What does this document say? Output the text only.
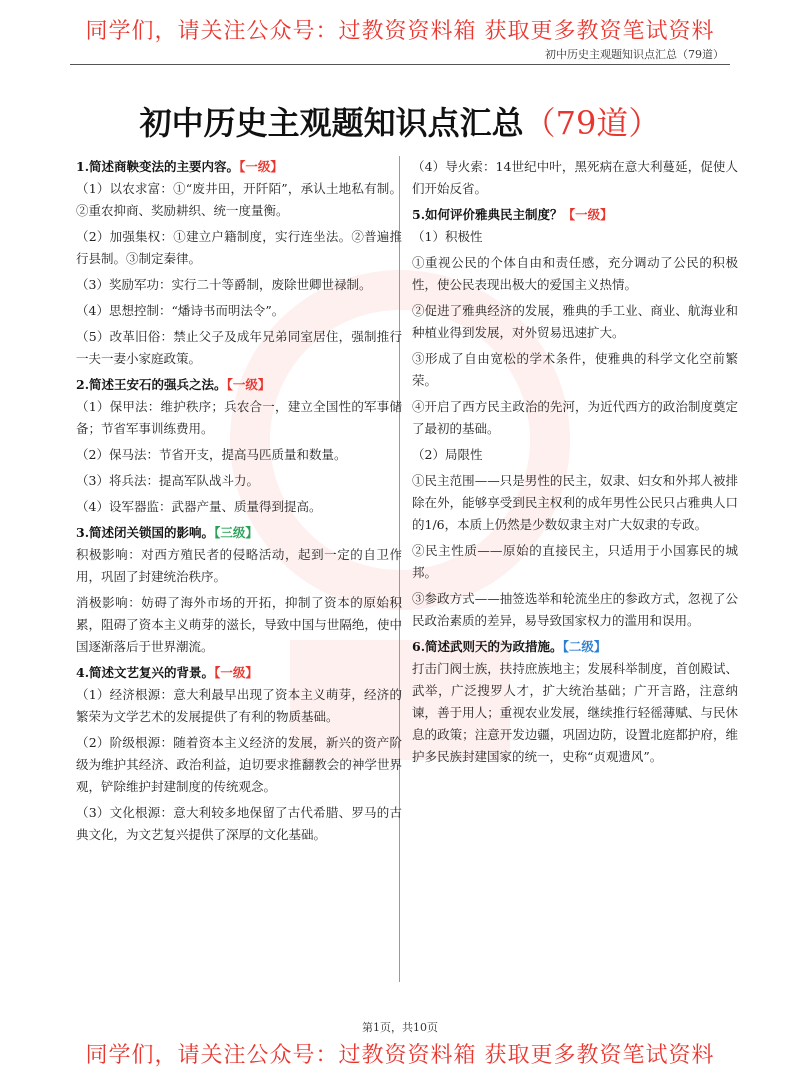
同学们，请关注公众号：过教资资料箱 获取更多教资笔试资料
初中历史主观题知识点汇总（79道）
初中历史主观题知识点汇总（79道）

1.简述商鞅变法的主要内容。【一级】

（1）以农求富：①“废井田，开阡陌”，承认土地私有制。②重农抑商、奖励耕织、统一度量衡。

（2）加强集权：①建立户籍制度，实行连坐法。②普遍推行县制。③制定秦律。

（3）奖励军功：实行二十等爵制，废除世卿世禄制。

（4）思想控制：“燔诗书而明法令”。

（5）改革旧俗：禁止父子及成年兄弟同室居住，强制推行一夫一妻小家庭政策。

2.简述王安石的强兵之法。【一级】

（1）保甲法：维护秩序；兵农合一，建立全国性的军事储备；节省军事训练费用。

（2）保马法：节省开支，提高马匹质量和数量。

（3）将兵法：提高军队战斗力。

（4）设军器监：武器产量、质量得到提高。

3.简述闭关锁国的影响。【三级】

积极影响：对西方殖民者的侵略活动，起到一定的自卫作用，巩固了封建统治秩序。

消极影响：妨碍了海外市场的开拓，抑制了资本的原始积累，阻碍了资本主义萌芽的滋长，导致中国与世隔绝，使中国逐渐落后于世界潮流。

4.简述文艺复兴的背景。【一级】

（1）经济根源：意大利最早出现了资本主义萌芽，经济的繁荣为文学艺术的发展提供了有利的物质基础。

（2）阶级根源：随着资本主义经济的发展，新兴的资产阶级为维护其经济、政治利益，迫切要求推翻教会的神学世界观，铲除维护封建制度的传统观念。

（3）文化根源：意大利较多地保留了古代希腊、罗马的古典文化，为文艺复兴提供了深厚的文化基础。

（4）导火索：14世纪中叶，黑死病在意大利蔓延，促使人们开始反省。

5.如何评价雅典民主制度？【一级】

（1）积极性

①重视公民的个体自由和责任感，充分调动了公民的积极性，使公民表现出极大的爱国主义热情。

②促进了雅典经济的发展，雅典的手工业、商业、航海业和种植业得到发展，对外贸易迅速扩大。

③形成了自由宽松的学术条件，使雅典的科学文化空前繁荣。

④开启了西方民主政治的先河，为近代西方的政治制度奠定了最初的基础。

（2）局限性

①民主范围——只是男性的民主，奴隶、妇女和外邦人被排除在外，能够享受到民主权利的成年男性公民只占雅典人口的1/6，本质上仍然是少数奴隶主对广大奴隶的专政。

②民主性质——原始的直接民主，只适用于小国寡民的城邦。

③参政方式——抽签选举和轮流坐庄的参政方式，忽视了公民政治素质的差异，易导致国家权力的滥用和误用。

6.简述武则天的为政措施。【二级】

打击门阀士族，扶持庶族地主；发展科举制度，首创殿试、武举，广泛搜罗人才，扩大统治基础；广开言路，注意纳谏，善于用人；重视农业发展，继续推行轻徭薄赋、与民休息的政策；注意开发边疆，巩固边防，设置北庭都护府，维护多民族封建国家的统一，史称“贞观遗风”。

第1页，共10页
同学们，请关注公众号：过教资资料箱 获取更多教资笔试资料
